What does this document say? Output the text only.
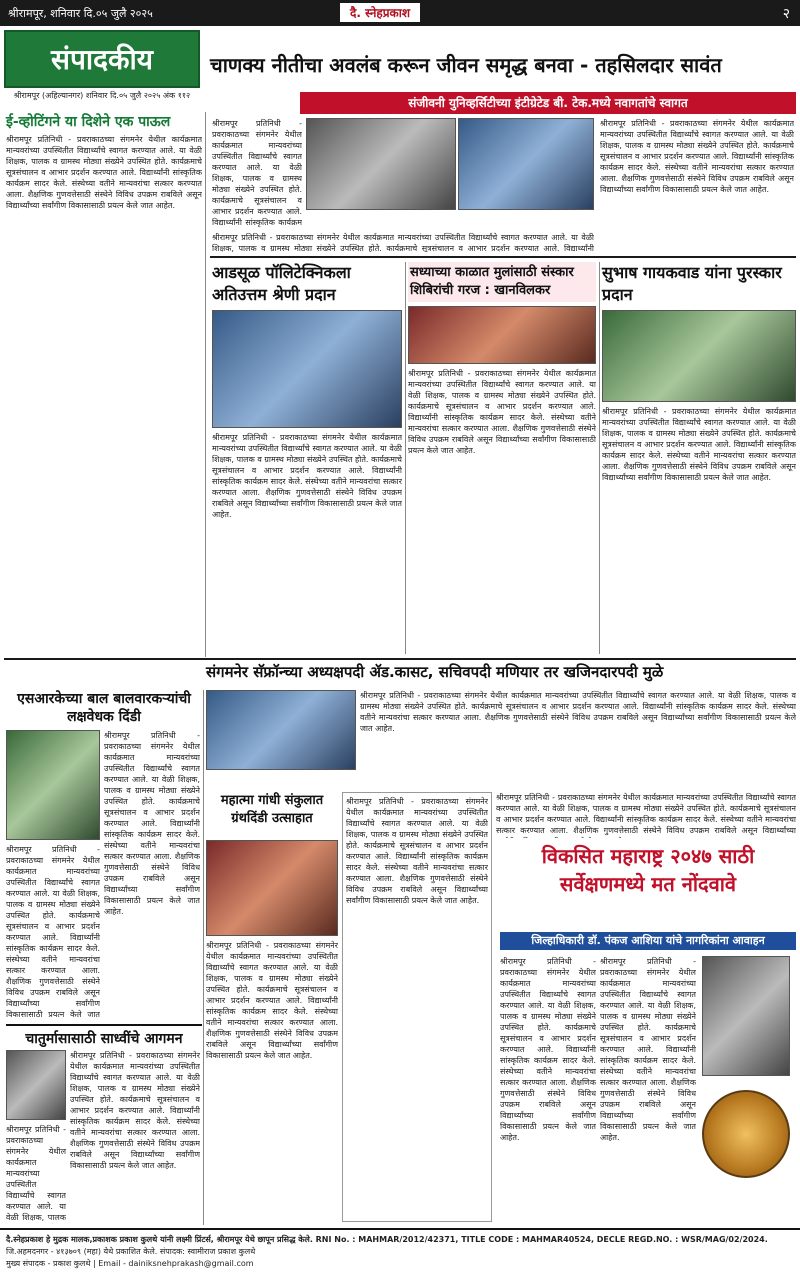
श्रीरामपूर, शनिवार दि.०५ जुलै २०२५	दै. स्नेहप्रकाश	२
संपादकीय
श्रीरामपूर (अहिल्यानगर) शनिवार दि.०५ जुलै २०२५ अंक ११२
चाणक्य नीतीचा अवलंब करून जीवन समृद्ध बनवा - तहसिलदार सावंत
संजीवनी युनिव्हर्सिटीच्या इंटीग्रेटेड बी. टेक.मध्ये नवागतांचे स्वागत
ई-व्होटिंगने या दिशेने एक पाऊल
श्रीरामपूर प्रतिनिधी - प्रवराकाठच्या संगमनेर येथील कार्यक्रमात मान्यवरांच्या उपस्थितीत विद्यार्थ्यांचे स्वागत करण्यात आले. या वेळी शिक्षक, पालक व ग्रामस्थ मोठ्या संख्येने उपस्थित होते. कार्यक्रमाचे सूत्रसंचालन व आभार प्रदर्शन करण्यात आले. विद्यार्थ्यांनी सांस्कृतिक कार्यक्रम सादर केले. संस्थेच्या वतीने मान्यवरांचा सत्कार करण्यात आला. शैक्षणिक गुणवत्तेसाठी संस्थेने विविध उपक्रम राबविले असून विद्यार्थ्यांच्या सर्वांगीण विकासासाठी प्रयत्न केले जात आहेत.
श्रीरामपूर प्रतिनिधी - प्रवराकाठच्या संगमनेर येथील कार्यक्रमात मान्यवरांच्या उपस्थितीत विद्यार्थ्यांचे स्वागत करण्यात आले. या वेळी शिक्षक, पालक व ग्रामस्थ मोठ्या संख्येने उपस्थित होते. कार्यक्रमाचे सूत्रसंचालन व आभार प्रदर्शन करण्यात आले. विद्यार्थ्यांनी सांस्कृतिक कार्यक्रम
श्रीरामपूर प्रतिनिधी - प्रवराकाठच्या संगमनेर येथील कार्यक्रमात मान्यवरांच्या उपस्थितीत विद्यार्थ्यांचे स्वागत करण्यात आले. या वेळी शिक्षक, पालक व ग्रामस्थ मोठ्या संख्येने उपस्थित होते. कार्यक्रमाचे सूत्रसंचालन व आभार प्रदर्शन करण्यात आले. विद्यार्थ्यांनी
श्रीरामपूर प्रतिनिधी - प्रवराकाठच्या संगमनेर येथील कार्यक्रमात मान्यवरांच्या उपस्थितीत विद्यार्थ्यांचे स्वागत करण्यात आले. या वेळी शिक्षक, पालक व ग्रामस्थ मोठ्या संख्येने उपस्थित होते. कार्यक्रमाचे सूत्रसंचालन व आभार प्रदर्शन करण्यात आले. विद्यार्थ्यांनी सांस्कृतिक कार्यक्रम सादर केले. संस्थेच्या वतीने मान्यवरांचा सत्कार करण्यात आला. शैक्षणिक गुणवत्तेसाठी संस्थेने विविध उपक्रम राबविले असून विद्यार्थ्यांच्या सर्वांगीण विकासासाठी प्रयत्न केले जात आहेत.
आडसूळ पॉलिटेक्निकला अतिउत्तम श्रेणी प्रदान
श्रीरामपूर प्रतिनिधी - प्रवराकाठच्या संगमनेर येथील कार्यक्रमात मान्यवरांच्या उपस्थितीत विद्यार्थ्यांचे स्वागत करण्यात आले. या वेळी शिक्षक, पालक व ग्रामस्थ मोठ्या संख्येने उपस्थित होते. कार्यक्रमाचे सूत्रसंचालन व आभार प्रदर्शन करण्यात आले. विद्यार्थ्यांनी सांस्कृतिक कार्यक्रम सादर केले. संस्थेच्या वतीने मान्यवरांचा सत्कार करण्यात आला. शैक्षणिक गुणवत्तेसाठी संस्थेने विविध उपक्रम राबविले असून विद्यार्थ्यांच्या सर्वांगीण विकासासाठी प्रयत्न केले जात आहेत.
सध्याच्या काळात मुलांसाठी संस्कार शिबिरांची गरज : खानविलकर
श्रीरामपूर प्रतिनिधी - प्रवराकाठच्या संगमनेर येथील कार्यक्रमात मान्यवरांच्या उपस्थितीत विद्यार्थ्यांचे स्वागत करण्यात आले. या वेळी शिक्षक, पालक व ग्रामस्थ मोठ्या संख्येने उपस्थित होते. कार्यक्रमाचे सूत्रसंचालन व आभार प्रदर्शन करण्यात आले. विद्यार्थ्यांनी सांस्कृतिक कार्यक्रम सादर केले. संस्थेच्या वतीने मान्यवरांचा सत्कार करण्यात आला. शैक्षणिक गुणवत्तेसाठी संस्थेने विविध उपक्रम राबविले असून विद्यार्थ्यांच्या सर्वांगीण विकासासाठी प्रयत्न केले जात आहेत.
सुभाष गायकवाड यांना पुरस्कार प्रदान
श्रीरामपूर प्रतिनिधी - प्रवराकाठच्या संगमनेर येथील कार्यक्रमात मान्यवरांच्या उपस्थितीत विद्यार्थ्यांचे स्वागत करण्यात आले. या वेळी शिक्षक, पालक व ग्रामस्थ मोठ्या संख्येने उपस्थित होते. कार्यक्रमाचे सूत्रसंचालन व आभार प्रदर्शन करण्यात आले. विद्यार्थ्यांनी सांस्कृतिक कार्यक्रम सादर केले. संस्थेच्या वतीने मान्यवरांचा सत्कार करण्यात आला. शैक्षणिक गुणवत्तेसाठी संस्थेने विविध उपक्रम राबविले असून विद्यार्थ्यांच्या सर्वांगीण विकासासाठी प्रयत्न केले जात आहेत.
संगमनेर सॅफ्रॉन्च्या अध्यक्षपदी ॲड.कासट, सचिवपदी मणियार तर खजिनदारपदी मुळे
श्रीरामपूर प्रतिनिधी - प्रवराकाठच्या संगमनेर येथील कार्यक्रमात मान्यवरांच्या उपस्थितीत विद्यार्थ्यांचे स्वागत करण्यात आले. या वेळी शिक्षक, पालक व ग्रामस्थ मोठ्या संख्येने उपस्थित होते. कार्यक्रमाचे सूत्रसंचालन व आभार प्रदर्शन करण्यात आले. विद्यार्थ्यांनी सांस्कृतिक कार्यक्रम सादर केले. संस्थेच्या वतीने मान्यवरांचा सत्कार करण्यात आला. शैक्षणिक गुणवत्तेसाठी संस्थेने विविध उपक्रम राबविले असून विद्यार्थ्यांच्या सर्वांगीण विकासासाठी प्रयत्न केले जात आहेत.
एसआरकेच्या बाल बालवारकऱ्यांची लक्षवेधक दिंडी
श्रीरामपूर प्रतिनिधी - प्रवराकाठच्या संगमनेर येथील कार्यक्रमात मान्यवरांच्या उपस्थितीत विद्यार्थ्यांचे स्वागत करण्यात आले. या वेळी शिक्षक, पालक व ग्रामस्थ मोठ्या संख्येने उपस्थित होते. कार्यक्रमाचे सूत्रसंचालन व आभार प्रदर्शन करण्यात आले. विद्यार्थ्यांनी सांस्कृतिक कार्यक्रम सादर केले. संस्थेच्या वतीने मान्यवरांचा सत्कार करण्यात आला. शैक्षणिक गुणवत्तेसाठी संस्थेने विविध उपक्रम राबविले असून विद्यार्थ्यांच्या सर्वांगीण विकासासाठी प्रयत्न केले जात आहेत.
श्रीरामपूर प्रतिनिधी - प्रवराकाठच्या संगमनेर येथील कार्यक्रमात मान्यवरांच्या उपस्थितीत विद्यार्थ्यांचे स्वागत करण्यात आले. या वेळी शिक्षक, पालक व ग्रामस्थ मोठ्या संख्येने उपस्थित होते. कार्यक्रमाचे सूत्रसंचालन व आभार प्रदर्शन करण्यात आले. विद्यार्थ्यांनी सांस्कृतिक कार्यक्रम सादर केले. संस्थेच्या वतीने मान्यवरांचा सत्कार करण्यात आला. शैक्षणिक गुणवत्तेसाठी संस्थेने विविध उपक्रम राबविले असून विद्यार्थ्यांच्या सर्वांगीण विकासासाठी प्रयत्न केले जात
महात्मा गांधी संकुलात ग्रंथदिंडी उत्साहात
श्रीरामपूर प्रतिनिधी - प्रवराकाठच्या संगमनेर येथील कार्यक्रमात मान्यवरांच्या उपस्थितीत विद्यार्थ्यांचे स्वागत करण्यात आले. या वेळी शिक्षक, पालक व ग्रामस्थ मोठ्या संख्येने उपस्थित होते. कार्यक्रमाचे सूत्रसंचालन व आभार प्रदर्शन करण्यात आले. विद्यार्थ्यांनी सांस्कृतिक कार्यक्रम सादर केले. संस्थेच्या वतीने मान्यवरांचा सत्कार करण्यात आला. शैक्षणिक गुणवत्तेसाठी संस्थेने विविध उपक्रम राबविले असून विद्यार्थ्यांच्या सर्वांगीण विकासासाठी प्रयत्न केले जात आहेत.
श्रीरामपूर प्रतिनिधी - प्रवराकाठच्या संगमनेर येथील कार्यक्रमात मान्यवरांच्या उपस्थितीत विद्यार्थ्यांचे स्वागत करण्यात आले. या वेळी शिक्षक, पालक व ग्रामस्थ मोठ्या संख्येने उपस्थित होते. कार्यक्रमाचे सूत्रसंचालन व आभार प्रदर्शन करण्यात आले. विद्यार्थ्यांनी सांस्कृतिक कार्यक्रम सादर केले. संस्थेच्या वतीने मान्यवरांचा सत्कार करण्यात आला. शैक्षणिक गुणवत्तेसाठी संस्थेने विविध उपक्रम राबविले असून विद्यार्थ्यांच्या सर्वांगीण विकासासाठी प्रयत्न केले जात आहेत.
श्रीरामपूर प्रतिनिधी - प्रवराकाठच्या संगमनेर येथील कार्यक्रमात मान्यवरांच्या उपस्थितीत विद्यार्थ्यांचे स्वागत करण्यात आले. या वेळी शिक्षक, पालक व ग्रामस्थ मोठ्या संख्येने उपस्थित होते. कार्यक्रमाचे सूत्रसंचालन व आभार प्रदर्शन करण्यात आले. विद्यार्थ्यांनी सांस्कृतिक कार्यक्रम सादर केले. संस्थेच्या वतीने मान्यवरांचा सत्कार करण्यात आला. शैक्षणिक गुणवत्तेसाठी संस्थेने विविध उपक्रम राबविले असून विद्यार्थ्यांच्या
विकसित महाराष्ट्र २०४७ साठी सर्वेक्षणमध्ये मत नोंदवावे
जिल्हाधिकारी डॉ. पंकज आशिया यांचे नागरिकांना आवाहन
श्रीरामपूर प्रतिनिधी - प्रवराकाठच्या संगमनेर येथील कार्यक्रमात मान्यवरांच्या उपस्थितीत विद्यार्थ्यांचे स्वागत करण्यात आले. या वेळी शिक्षक, पालक व ग्रामस्थ मोठ्या संख्येने उपस्थित होते. कार्यक्रमाचे सूत्रसंचालन व आभार प्रदर्शन करण्यात आले. विद्यार्थ्यांनी सांस्कृतिक कार्यक्रम सादर केले. संस्थेच्या वतीने मान्यवरांचा सत्कार करण्यात आला. शैक्षणिक गुणवत्तेसाठी संस्थेने विविध उपक्रम राबविले असून विद्यार्थ्यांच्या सर्वांगीण विकासासाठी प्रयत्न केले जात आहेत.
श्रीरामपूर प्रतिनिधी - प्रवराकाठच्या संगमनेर येथील कार्यक्रमात मान्यवरांच्या उपस्थितीत विद्यार्थ्यांचे स्वागत करण्यात आले. या वेळी शिक्षक, पालक व ग्रामस्थ मोठ्या संख्येने उपस्थित होते. कार्यक्रमाचे सूत्रसंचालन व आभार प्रदर्शन करण्यात आले. विद्यार्थ्यांनी सांस्कृतिक कार्यक्रम सादर केले. संस्थेच्या वतीने मान्यवरांचा सत्कार करण्यात आला. शैक्षणिक गुणवत्तेसाठी संस्थेने विविध उपक्रम राबविले असून विद्यार्थ्यांच्या सर्वांगीण विकासासाठी प्रयत्न केले जात आहेत.
चातुर्मासासाठी साध्वींचे आगमन
श्रीरामपूर प्रतिनिधी - प्रवराकाठच्या संगमनेर येथील कार्यक्रमात मान्यवरांच्या उपस्थितीत विद्यार्थ्यांचे स्वागत करण्यात आले. या वेळी शिक्षक, पालक व ग्रामस्थ मोठ्या संख्येने उपस्थित होते. कार्यक्रमाचे सूत्रसंचालन व आभार प्रदर्शन करण्यात आले. विद्यार्थ्यांनी सांस्कृतिक कार्यक्रम सादर केले. संस्थेच्या वतीने मान्यवरांचा सत्कार करण्यात आला. शैक्षणिक गुणवत्तेसाठी संस्थेने विविध उपक्रम राबविले असून विद्यार्थ्यांच्या सर्वांगीण विकासासाठी प्रयत्न केले जात आहेत.
श्रीरामपूर प्रतिनिधी - प्रवराकाठच्या संगमनेर येथील कार्यक्रमात मान्यवरांच्या उपस्थितीत विद्यार्थ्यांचे स्वागत करण्यात आले. या वेळी शिक्षक, पालक
दै.स्नेहप्रकाश हे मुद्रक मालक,प्रकाशक प्रकाश कुलथे यांनी लक्ष्मी प्रिंटर्स, श्रीरामपूर येथे छापून प्रसिद्ध केले. RNI No. : MAHMAR/2012/42371, TITLE CODE : MAHMAR40524, DECLE REGD.NO. : WSR/MAG/02/2024.
जि.अहमदनगर - ४१३७०९ (महा) येथे प्रकाशित केले. संपादक: स्वामीराज प्रकाश कुलथे
मुख्य संपादक - प्रकाश कुलथे | Email - dainiksnehprakash@gmail.com
